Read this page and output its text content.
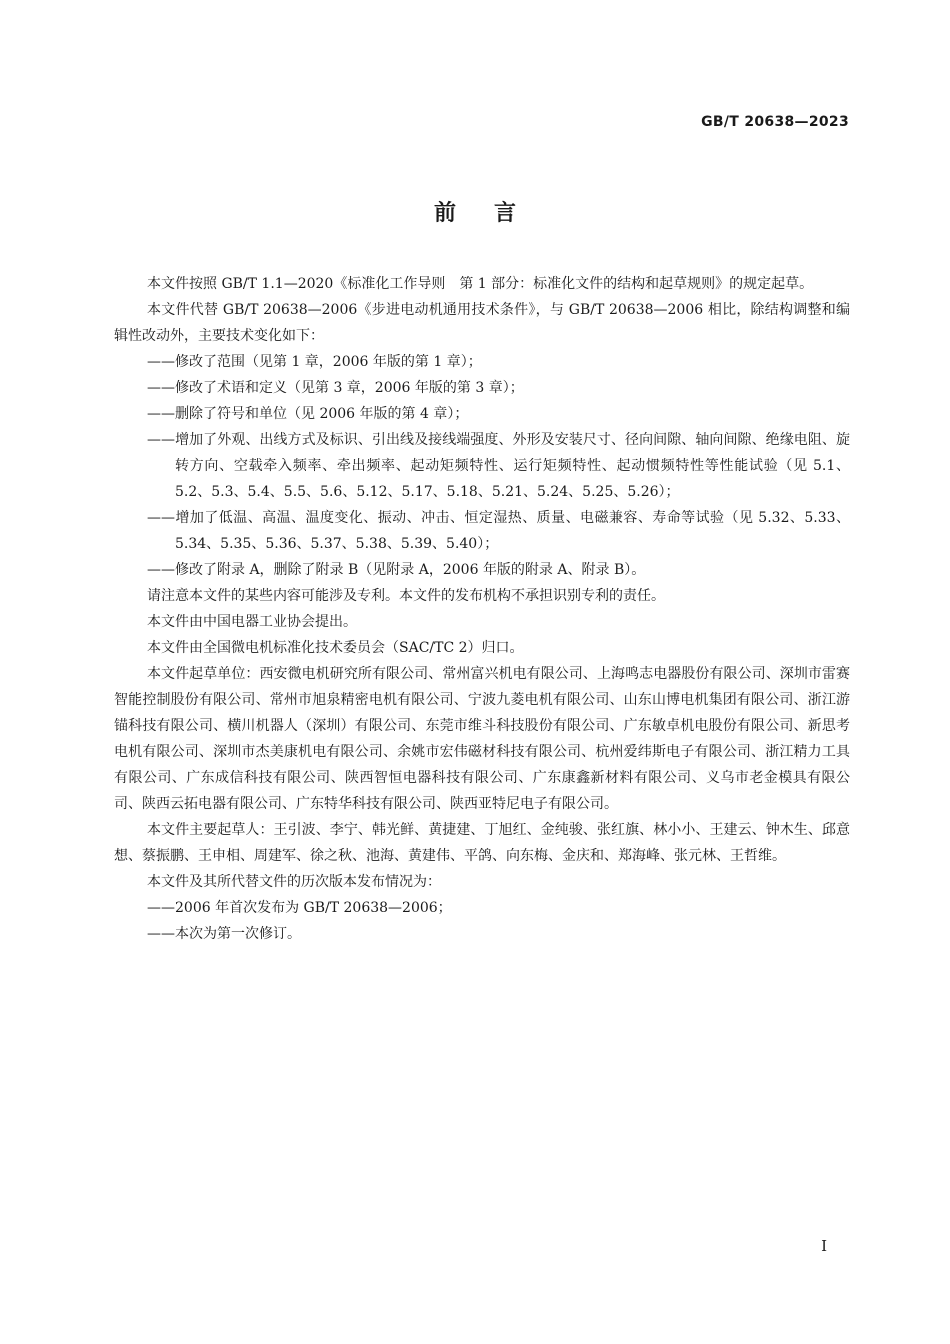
GB/T 20638—2023
前言

本文件按照 GB/T 1.1—2020《标准化工作导则　第 1 部分：标准化文件的结构和起草规则》的规定起草。

本文件代替 GB/T 20638—2006《步进电动机通用技术条件》，与 GB/T 20638—2006 相比，除结构调整和编辑性改动外，主要技术变化如下：

——修改了范围（见第 1 章，2006 年版的第 1 章）；

——修改了术语和定义（见第 3 章，2006 年版的第 3 章）；

——删除了符号和单位（见 2006 年版的第 4 章）；

——增加了外观、出线方式及标识、引出线及接线端强度、外形及安装尺寸、径向间隙、轴向间隙、绝缘电阻、旋转方向、空载牵入频率、牵出频率、起动矩频特性、运行矩频特性、起动惯频特性等性能试验（见 5.1、5.2、5.3、5.4、5.5、5.6、5.12、5.17、5.18、5.21、5.24、5.25、5.26）；

——增加了低温、高温、温度变化、振动、冲击、恒定湿热、质量、电磁兼容、寿命等试验（见 5.32、5.33、5.34、5.35、5.36、5.37、5.38、5.39、5.40）；

——修改了附录 A，删除了附录 B（见附录 A，2006 年版的附录 A、附录 B）。

请注意本文件的某些内容可能涉及专利。本文件的发布机构不承担识别专利的责任。

本文件由中国电器工业协会提出。

本文件由全国微电机标准化技术委员会（SAC/TC 2）归口。

本文件起草单位：西安微电机研究所有限公司、常州富兴机电有限公司、上海鸣志电器股份有限公司、深圳市雷赛智能控制股份有限公司、常州市旭泉精密电机有限公司、宁波九菱电机有限公司、山东山博电机集团有限公司、浙江游锚科技有限公司、横川机器人（深圳）有限公司、东莞市维斗科技股份有限公司、广东敏卓机电股份有限公司、新思考电机有限公司、深圳市杰美康机电有限公司、余姚市宏伟磁材科技有限公司、杭州爱纬斯电子有限公司、浙江精力工具有限公司、广东成信科技有限公司、陕西智恒电器科技有限公司、广东康鑫新材料有限公司、义乌市老金模具有限公司、陕西云拓电器有限公司、广东特华科技有限公司、陕西亚特尼电子有限公司。

本文件主要起草人：王引波、李宁、韩光鲜、黄捷建、丁旭红、金纯骏、张红旗、林小小、王建云、钟木生、邱意想、蔡振鹏、王申相、周建军、徐之秋、池海、黄建伟、平鸽、向东梅、金庆和、郑海峰、张元林、王哲维。

本文件及其所代替文件的历次版本发布情况为：

——2006 年首次发布为 GB/T 20638—2006；

——本次为第一次修订。

I
